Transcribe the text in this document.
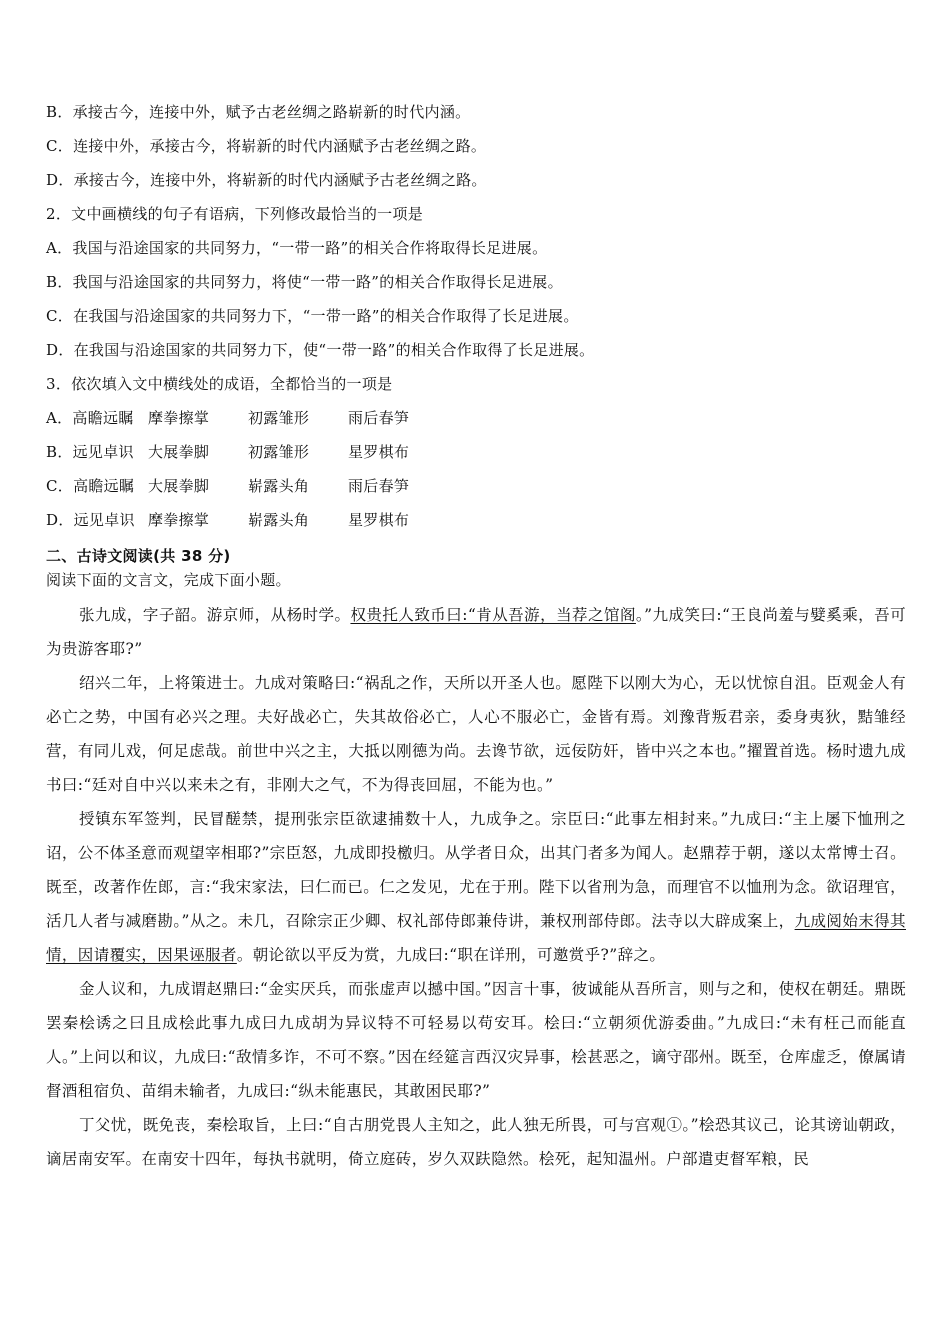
B．承接古今，连接中外，赋予古老丝绸之路崭新的时代内涵。
C．连接中外，承接古今，将崭新的时代内涵赋予古老丝绸之路。
D．承接古今，连接中外，将崭新的时代内涵赋予古老丝绸之路。
2．文中画横线的句子有语病，下列修改最恰当的一项是
A．我国与沿途国家的共同努力，“一带一路”的相关合作将取得长足进展。
B．我国与沿途国家的共同努力，将使“一带一路”的相关合作取得长足进展。
C．在我国与沿途国家的共同努力下，“一带一路”的相关合作取得了长足进展。
D．在我国与沿途国家的共同努力下，使“一带一路”的相关合作取得了长足进展。
3．依次填入文中横线处的成语，全都恰当的一项是
A．高瞻远瞩 摩拳擦掌	初露雏形	雨后春笋
B．远见卓识 大展拳脚	初露雏形	星罗棋布
C．高瞻远瞩 大展拳脚	崭露头角	雨后春笋
D．远见卓识 摩拳擦掌	崭露头角	星罗棋布
二、古诗文阅读(共 38 分)
阅读下面的文言文，完成下面小题。
张九成，字子韶。游京师，从杨时学。权贵托人致币曰:“肯从吾游，当荐之馆阁。”九成笑曰:“王良尚羞与嬖奚乘，吾可为贵游客耶?”
绍兴二年，上将策进士。九成对策略曰:“祸乱之作，天所以开圣人也。愿陛下以刚大为心，无以忧惊自沮。臣观金人有必亡之势，中国有必兴之理。夫好战必亡，失其故俗必亡，人心不服必亡，金皆有焉。刘豫背叛君亲，委身夷狄，黠雏经营，有同儿戏，何足虑哉。前世中兴之主，大抵以刚德为尚。去谗节欲，远佞防奸，皆中兴之本也。”擢置首选。杨时遗九成书曰:“廷对自中兴以来未之有，非刚大之气，不为得丧回屈，不能为也。”
授镇东军签判，民冒醝禁，提刑张宗臣欲逮捕数十人，九成争之。宗臣曰:“此事左相封来。”九成曰:“主上屡下恤刑之诏，公不体圣意而观望宰相耶?”宗臣怒，九成即投檄归。从学者日众，出其门者多为闻人。赵鼎荐于朝，遂以太常博士召。既至，改著作佐郎，言:“我宋家法，曰仁而已。仁之发见，尤在于刑。陛下以省刑为急，而理官不以恤刑为念。欲诏理官，活几人者与减磨勘。”从之。未几，召除宗正少卿、权礼部侍郎兼侍讲，兼权刑部侍郎。法寺以大辟成案上，九成阅始末得其情，因请覆实，因果诬服者。朝论欲以平反为赏，九成曰:“职在详刑，可邀赏乎?”辞之。
金人议和，九成谓赵鼎曰:“金实厌兵，而张虚声以撼中国。”因言十事，彼诚能从吾所言，则与之和，使权在朝廷。鼎既罢秦桧诱之曰且成桧此事九成曰九成胡为异议特不可轻易以苟安耳。桧曰:“立朝须优游委曲。”九成曰:“未有枉己而能直人。”上问以和议，九成曰:“敌情多诈，不可不察。”因在经筵言西汉灾异事，桧甚恶之，谪守邵州。既至，仓库虚乏，僚属请督酒租宿负、苗绢未输者，九成曰:“纵未能惠民，其敢困民耶?”
丁父忧，既免丧，秦桧取旨，上曰:“自古朋党畏人主知之，此人独无所畏，可与宫观①。”桧恐其议己，论其谤讪朝政，谪居南安军。在南安十四年，每执书就明，倚立庭砖，岁久双趺隐然。桧死，起知温州。户部遣吏督军粮，民
